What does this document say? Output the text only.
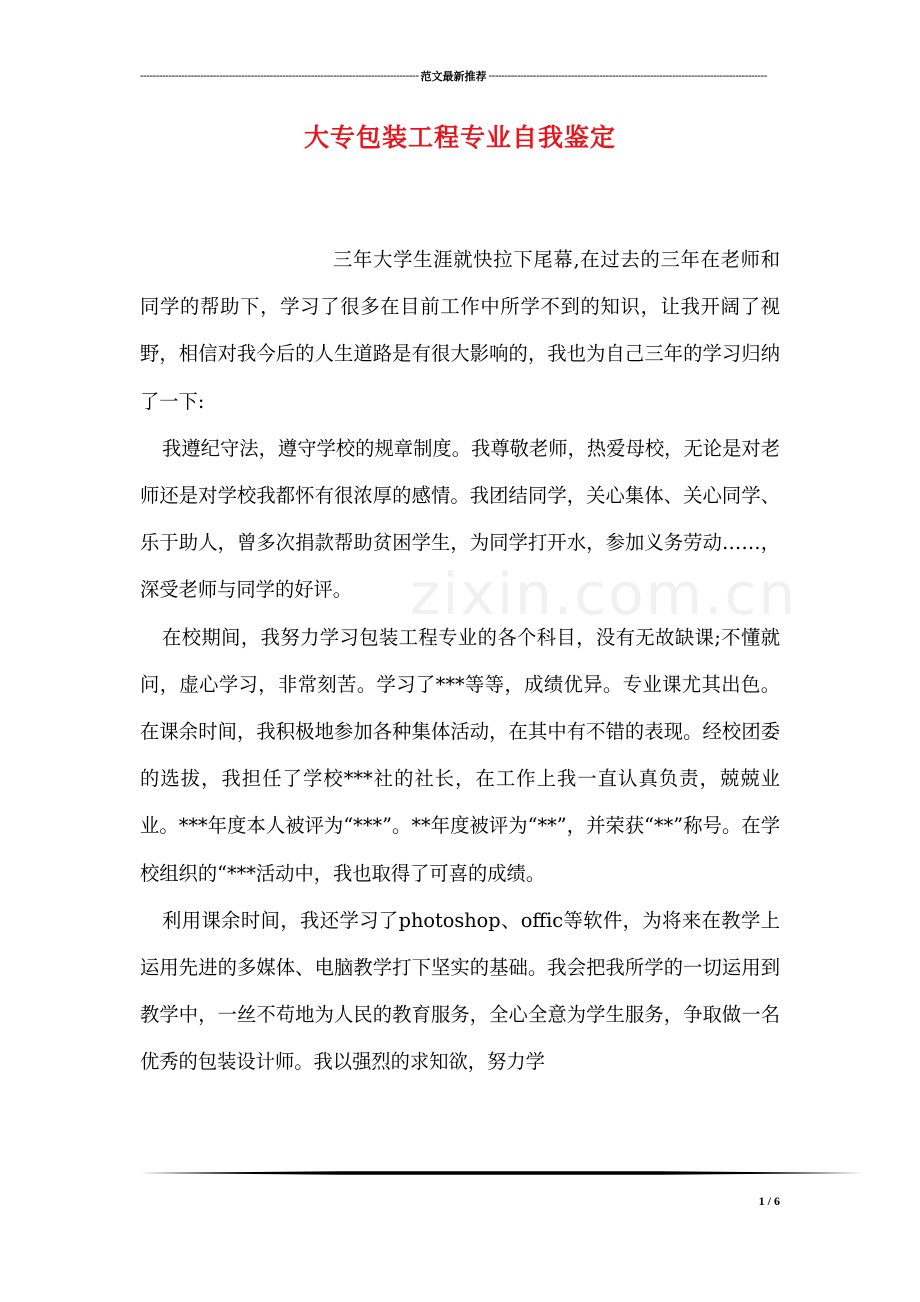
-----
范文最新推荐
-----
大专包装工程专业自我鉴定

三年大学生涯就快拉下尾幕,在过去的三年在老师和同学的帮助下，学习了很多在目前工作中所学不到的知识，让我开阔了视野，相信对我今后的人生道路是有很大影响的，我也为自己三年的学习归纳了一下:

我遵纪守法，遵守学校的规章制度。我尊敬老师，热爱母校，无论是对老师还是对学校我都怀有很浓厚的感情。我团结同学，关心集体、关心同学、乐于助人，曾多次捐款帮助贫困学生，为同学打开水，参加义务劳动……，深受老师与同学的好评。

在校期间，我努力学习包装工程专业的各个科目，没有无故缺课;不懂就问，虚心学习，非常刻苦。学习了***等等，成绩优异。专业课尤其出色。在课余时间，我积极地参加各种集体活动，在其中有不错的表现。经校团委的选拔，我担任了学校***社的社长，在工作上我一直认真负责，兢兢业业。***年度本人被评为“***”。**年度被评为“**”，并荣获“**”称号。在学校组织的“***活动中，我也取得了可喜的成绩。

利用课余时间，我还学习了photoshop、offic等软件，为将来在教学上运用先进的多媒体、电脑教学打下坚实的基础。我会把我所学的一切运用到教学中，一丝不苟地为人民的教育服务，全心全意为学生服务，争取做一名优秀的包装设计师。我以强烈的求知欲，努力学

zixin.com.cn
1 / 6
